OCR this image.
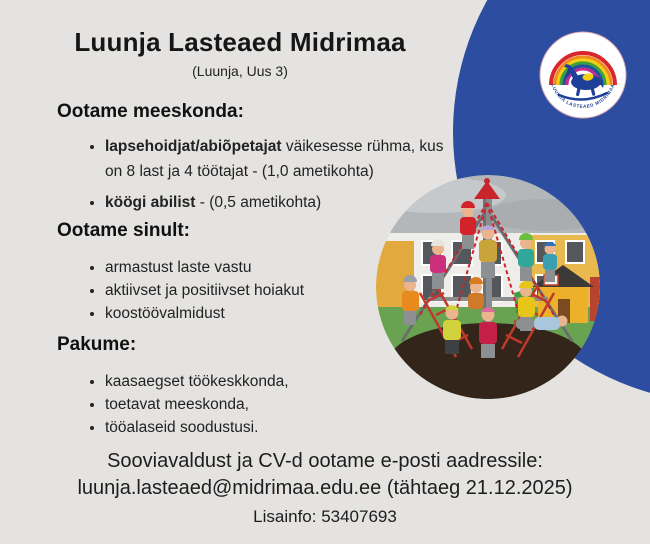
LUUNJA LASTEAED MIDRIMAA
Luunja Lasteaed Midrimaa
(Luunja, Uus 3)
Ootame meeskonda:
• lapsehoidjat/abiõpetajat väikesesse rühma, kus on 8 last ja 4 töötajat - (1,0 ametikohta)
• köögi abilist - (0,5 ametikohta)
Ootame sinult:
• armastust laste vastu
• aktiivset ja positiivset hoiakut
• koostöövalmidust
Pakume:
• kaasaegset töökeskkonda,
• toetavat meeskonda,
• tööalaseid soodustusi.
Sooviavaldust ja CV-d ootame e-posti aadressile:
luunja.lasteaed@midrimaa.edu.ee (tähtaeg 21.12.2025)
Lisainfo: 53407693
